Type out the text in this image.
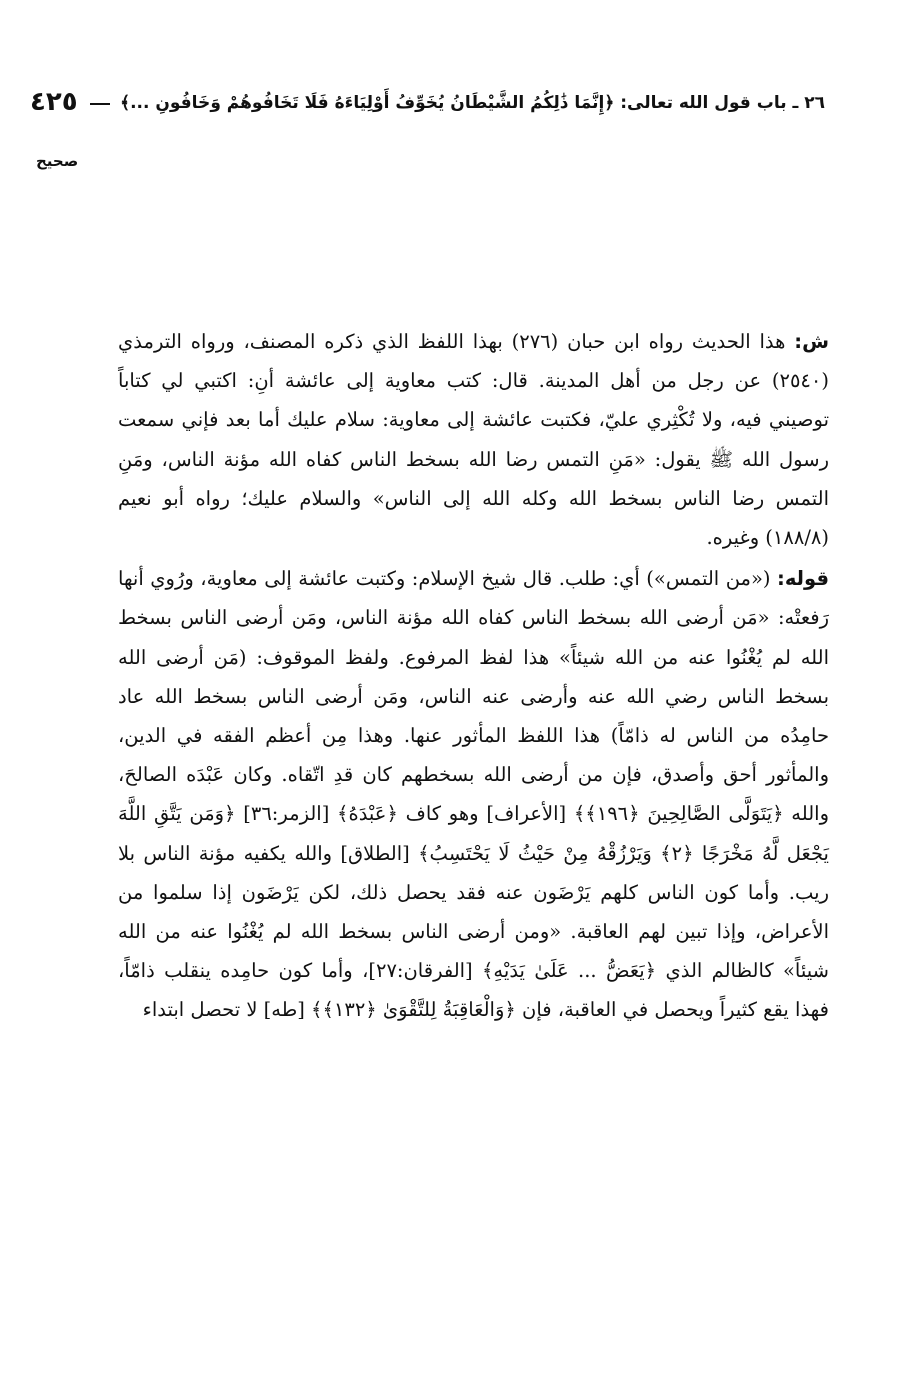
٢٦ ـ باب قول الله تعالى: ﴿إِنَّمَا ذَٰلِكُمُ الشَّيْطَانُ يُخَوِّفُ أَوْلِيَاءَهُ فَلَا تَخَافُوهُمْ وَخَافُونِ ...﴾
٤٢٥
صحيح

ش: هذا الحديث رواه ابن حبان (٢٧٦) بهذا اللفظ الذي ذكره المصنف، ورواه الترمذي (٢٥٤٠) عن رجل من أهل المدينة. قال: كتب معاوية إلى عائشة أنِ: اكتبي لي كتاباً توصيني فيه، ولا تُكْثِري عليّ، فكتبت عائشة إلى معاوية: سلام عليك أما بعد فإني سمعت رسول الله ﷺ يقول: «مَنِ التمس رضا الله بسخط الناس كفاه الله مؤنة الناس، ومَنِ التمس رضا الناس بسخط الله وكله الله إلى الناس» والسلام عليك؛ رواه أبو نعيم (١٨٨/٨) وغيره.

قوله: («من التمس») أي: طلب. قال شيخ الإسلام: وكتبت عائشة إلى معاوية، ورُوي أنها رَفعتْه: «مَن أرضى الله بسخط الناس كفاه الله مؤنة الناس، ومَن أرضى الناس بسخط الله لم يُغْنُوا عنه من الله شيئاً» هذا لفظ المرفوع. ولفظ الموقوف: (مَن أرضى الله بسخط الناس رضي الله عنه وأرضى عنه الناس، ومَن أرضى الناس بسخط الله عاد حامِدُه من الناس له ذامّاً) هذا اللفظ المأثور عنها. وهذا مِن أعظم الفقه في الدين، والمأثور أحق وأصدق، فإن من أرضى الله بسخطهم كان قدِ اتّقاه. وكان عَبْدَه الصالحَ، والله ﴿يَتَوَلَّى الصَّالِحِينَ ﴿١٩٦﴾﴾ [الأعراف] وهو كاف ﴿عَبْدَهُ﴾ [الزمر:٣٦] ﴿وَمَن يَتَّقِ اللَّهَ يَجْعَل لَّهُ مَخْرَجًا ﴿٢﴾ وَيَرْزُقْهُ مِنْ حَيْثُ لَا يَحْتَسِبُ﴾ [الطلاق] والله يكفيه مؤنة الناس بلا ريب. وأما كون الناس كلهم يَرْضَون عنه فقد يحصل ذلك، لكن يَرْضَون إذا سلموا من الأعراض، وإذا تبين لهم العاقبة. «ومن أرضى الناس بسخط الله لم يُغْنُوا عنه من الله شيئاً» كالظالم الذي ﴿يَعَضُّ ... عَلَىٰ يَدَيْهِ﴾ [الفرقان:٢٧]، وأما كون حامِده ينقلب ذامّاً، فهذا يقع كثيراً ويحصل في العاقبة، فإن ﴿وَالْعَاقِبَةُ لِلتَّقْوَىٰ ﴿١٣٢﴾﴾ [طه] لا تحصل ابتداء
